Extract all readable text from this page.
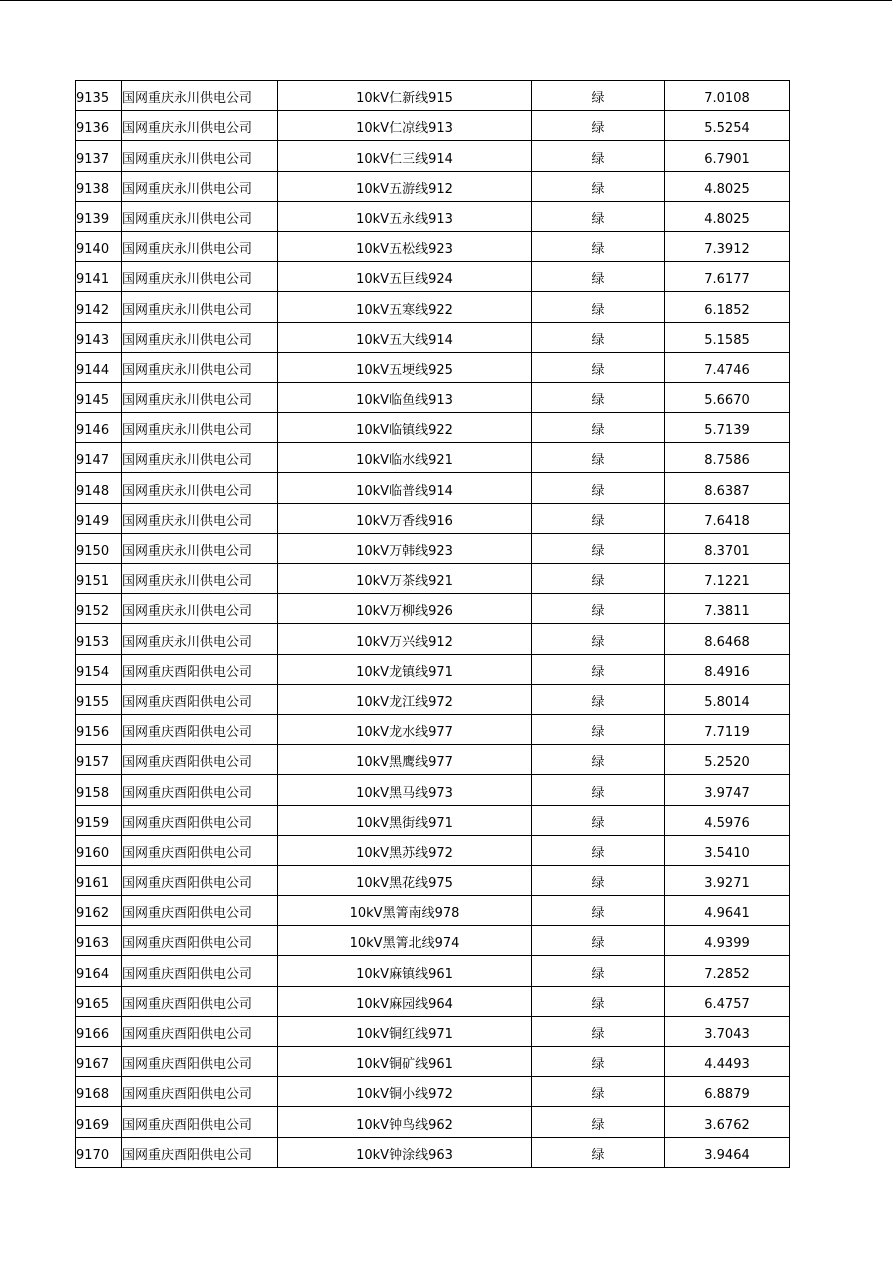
9135	国网重庆永川供电公司	10kV仁新线915	绿	7.0108
9136	国网重庆永川供电公司	10kV仁凉线913	绿	5.5254
9137	国网重庆永川供电公司	10kV仁三线914	绿	6.7901
9138	国网重庆永川供电公司	10kV五游线912	绿	4.8025
9139	国网重庆永川供电公司	10kV五永线913	绿	4.8025
9140	国网重庆永川供电公司	10kV五松线923	绿	7.3912
9141	国网重庆永川供电公司	10kV五巨线924	绿	7.6177
9142	国网重庆永川供电公司	10kV五寒线922	绿	6.1852
9143	国网重庆永川供电公司	10kV五大线914	绿	5.1585
9144	国网重庆永川供电公司	10kV五埂线925	绿	7.4746
9145	国网重庆永川供电公司	10kV临鱼线913	绿	5.6670
9146	国网重庆永川供电公司	10kV临镇线922	绿	5.7139
9147	国网重庆永川供电公司	10kV临水线921	绿	8.7586
9148	国网重庆永川供电公司	10kV临普线914	绿	8.6387
9149	国网重庆永川供电公司	10kV万香线916	绿	7.6418
9150	国网重庆永川供电公司	10kV万韩线923	绿	8.3701
9151	国网重庆永川供电公司	10kV万茶线921	绿	7.1221
9152	国网重庆永川供电公司	10kV万柳线926	绿	7.3811
9153	国网重庆永川供电公司	10kV万兴线912	绿	8.6468
9154	国网重庆酉阳供电公司	10kV龙镇线971	绿	8.4916
9155	国网重庆酉阳供电公司	10kV龙江线972	绿	5.8014
9156	国网重庆酉阳供电公司	10kV龙水线977	绿	7.7119
9157	国网重庆酉阳供电公司	10kV黑鹰线977	绿	5.2520
9158	国网重庆酉阳供电公司	10kV黑马线973	绿	3.9747
9159	国网重庆酉阳供电公司	10kV黑街线971	绿	4.5976
9160	国网重庆酉阳供电公司	10kV黑苏线972	绿	3.5410
9161	国网重庆酉阳供电公司	10kV黑花线975	绿	3.9271
9162	国网重庆酉阳供电公司	10kV黑箐南线978	绿	4.9641
9163	国网重庆酉阳供电公司	10kV黑箐北线974	绿	4.9399
9164	国网重庆酉阳供电公司	10kV麻镇线961	绿	7.2852
9165	国网重庆酉阳供电公司	10kV麻园线964	绿	6.4757
9166	国网重庆酉阳供电公司	10kV铜红线971	绿	3.7043
9167	国网重庆酉阳供电公司	10kV铜矿线961	绿	4.4493
9168	国网重庆酉阳供电公司	10kV铜小线972	绿	6.8879
9169	国网重庆酉阳供电公司	10kV钟鸟线962	绿	3.6762
9170	国网重庆酉阳供电公司	10kV钟涂线963	绿	3.9464
